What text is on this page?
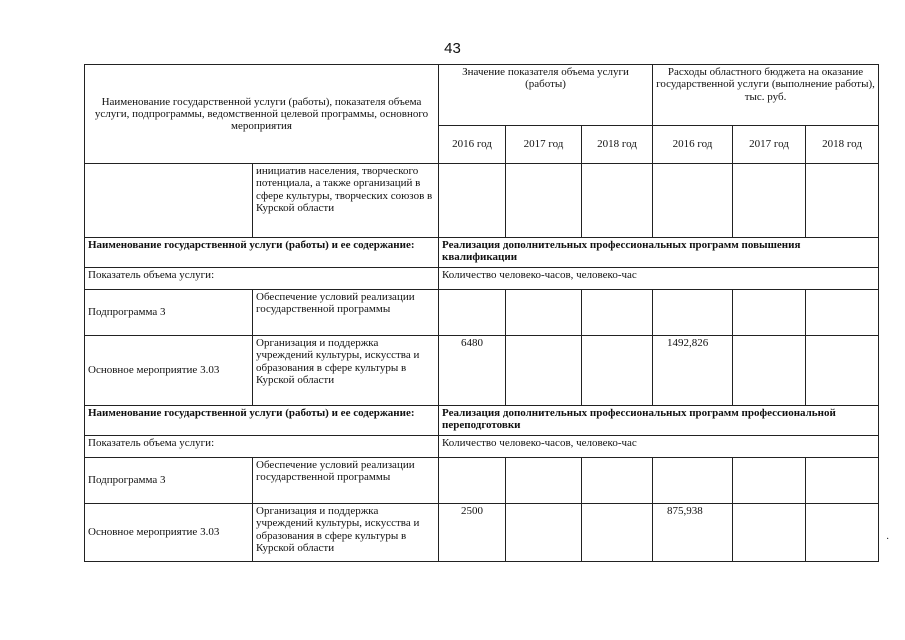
43
Наименование государственной услуги (работы), показателя объема услуги, подпрограммы, ведомственной целевой программы, основного мероприятия		Значение показателя объема услуги (работы)			Расходы областного бюджета на оказание государственной услуги (выполнение работы), тыс. руб.		
		2016 год	2017 год	2018 год	2016 год	2017 год	2018 год
	инициатив населения, творческого потенциала, а также организаций в сфере культуры, творческих союзов в Курской области						
Наименование государственной услуги (работы) и ее содержание:		Реализация дополнительных профессиональных программ повышения квалификации					
Показатель объема услуги:		Количество человеко-часов, человеко-час					
Подпрограмма 3	Обеспечение условий реализации государственной программы						
Основное мероприятие 3.03	Организация и поддержка учреждений культуры, искусства и образования в сфере культуры в Курской области	6480			1492,826		
Наименование государственной услуги (работы) и ее содержание:		Реализация дополнительных профессиональных программ профессиональной переподготовки					
Показатель объема услуги:		Количество человеко-часов, человеко-час					
Подпрограмма 3	Обеспечение условий реализации государственной программы						
Основное мероприятие 3.03	Организация и поддержка учреждений культуры, искусства и образования в сфере культуры в Курской области	2500			875,938		
·
